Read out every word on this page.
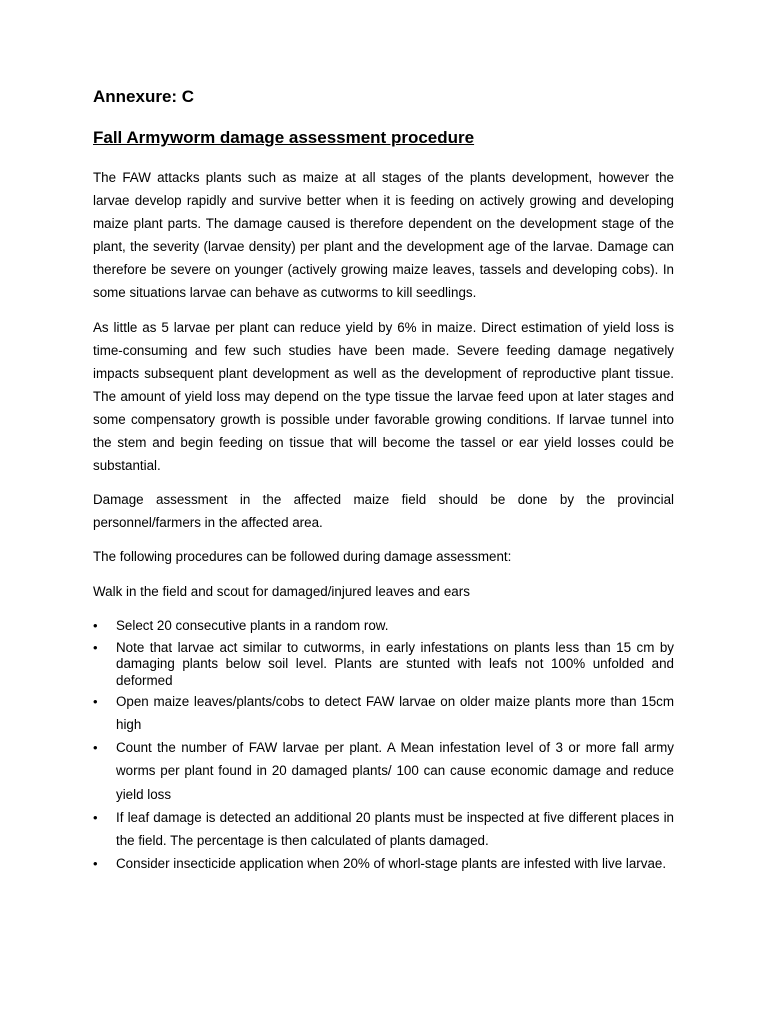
Annexure: C
Fall Armyworm damage assessment procedure

The FAW attacks plants such as maize at all stages of the plants development, however the larvae develop rapidly and survive better when it is feeding on actively growing and developing maize plant parts. The damage caused is therefore dependent on the development stage of the plant, the severity (larvae density) per plant and the development age of the larvae. Damage can therefore be severe on younger (actively growing maize leaves, tassels and developing cobs). In some situations larvae can behave as cutworms to kill seedlings.

As little as 5 larvae per plant can reduce yield by 6% in maize. Direct estimation of yield loss is time-consuming and few such studies have been made. Severe feeding damage negatively impacts subsequent plant development as well as the development of reproductive plant tissue. The amount of yield loss may depend on the type tissue the larvae feed upon at later stages and some compensatory growth is possible under favorable growing conditions. If larvae tunnel into the stem and begin feeding on tissue that will become the tassel or ear yield losses could be substantial.

Damage assessment in the affected maize field should be done by the provincial personnel/farmers in the affected area.

The following procedures can be followed during damage assessment:

Walk in the field and scout for damaged/injured leaves and ears

• Select 20 consecutive plants in a random row.
• Note that larvae act similar to cutworms, in early infestations on plants less than 15 cm by damaging plants below soil level. Plants are stunted with leafs not 100% unfolded and deformed
• Open maize leaves/plants/cobs to detect FAW larvae on older maize plants more than 15cm high
• Count the number of FAW larvae per plant. A Mean infestation level of 3 or more fall army worms per plant found in 20 damaged plants/ 100 can cause economic damage and reduce yield loss
• If leaf damage is detected an additional 20 plants must be inspected at five different places in the field. The percentage is then calculated of plants damaged.
• Consider insecticide application when 20% of whorl-stage plants are infested with live larvae.
